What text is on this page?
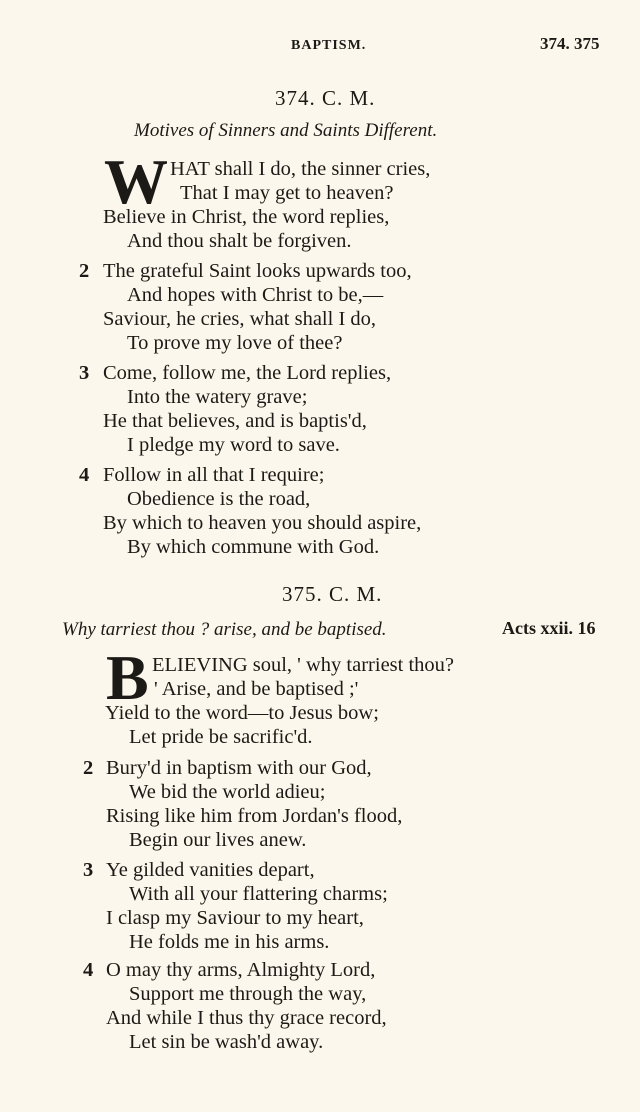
BAPTISM.	374. 375
374. C. M.
Motives of Sinners and Saints Different.
W HAT shall I do, the sinner cries,
That I may get to heaven?
Believe in Christ, the word replies,
And thou shalt be forgiven.
2 The grateful Saint looks upwards too,
And hopes with Christ to be,—
Saviour, he cries, what shall I do,
To prove my love of thee?
3 Come, follow me, the Lord replies,
Into the watery grave;
He that believes, and is baptis'd,
I pledge my word to save.
4 Follow in all that I require;
Obedience is the road,
By which to heaven you should aspire,
By which commune with God.
375. C. M.
Why tarriest thou ? arise, and be baptised.	Acts xxii. 16
B ELIEVING soul, ' why tarriest thou?
' Arise, and be baptised ;'
Yield to the word—to Jesus bow;
Let pride be sacrific'd.
2 Bury'd in baptism with our God,
We bid the world adieu;
Rising like him from Jordan's flood,
Begin our lives anew.
3 Ye gilded vanities depart,
With all your flattering charms;
I clasp my Saviour to my heart,
He folds me in his arms.
4 O may thy arms, Almighty Lord,
Support me through the way,
And while I thus thy grace record,
Let sin be wash'd away.
